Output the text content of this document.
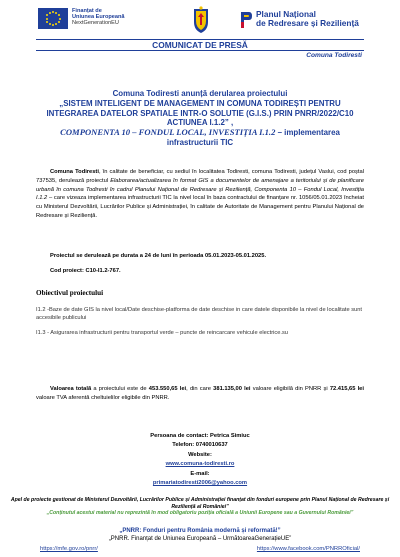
Finanțat de
Uniunea Europeană
NextGenerationEU
Planul Național
de Redresare și Reziliență
COMUNICAT DE PRESĂ
Comuna Todiresti
Comuna Todiresti anunță derularea proiectului
„SISTEM INTELIGENT DE MANAGEMENT IN COMUNA TODIREȘTI PENTRU INTEGRAREA DATELOR SPATIALE INTR-O SOLUTIE (G.I.S.) PRIN PNRR/2022/C10 ACTIUNEA I.1.2” ,
COMPONENTA 10 – FONDUL LOCAL, INVESTIȚIA I.1.2 – implementarea infrastructurii TIC
Comuna Todiresti, în calitate de beneficiar, cu sediul în localitatea Todiresti, comuna Todiresti, județul Vaslui, cod poștal 737535, derulează proiectul Elaborarea/actualizarea în format GIS a documentelor de amenajare a teritoriului și de planificare urbană în comuna Todiresti în cadrul Planului Național de Redresare și Reziliență, Componenta 10 – Fondul Local, Investiția I.1.2 – care vizeaza implementarea infrastructurii TIC la nivel local în baza contractului de finanțare nr. 1056/05.01.2023 încheiat cu Ministerul Dezvoltării, Lucrărilor Publice și Administrației, în calitate de Autoritate de Management pentru Planului Național de Redresare și Reziliență.
Proiectul se derulează pe durata a 24 de luni în perioada 05.01.2023-05.01.2025.
Cod proiect: C10-I1.2-767.
Obiectivul proiectului
I1.2 -Baze de date GIS la nivel local/Date deschise-platforma de date deschise in care datele disponibile la nivel de localitate sunt accesibile publicului
I1.3 - Asigurarea infrastructurii pentru transportul verde – puncte de reincarcare vehicule electrice.su
Valoarea totală a proiectului este de 453.550,65 lei, din care 381.135,00 lei valoare eligibilă din PNRR și 72.415,65 lei valoare TVA aferentă cheltuielilor eligibile din PNRR.
Persoana de contact: Petrica Simiuc
Telefon: 0740010637
Website:
www.comuna-todiresti.ro
E-mail:
primariatodiresti2006@yahoo.com
Apel de proiecte gestionat de Ministerul Dezvoltării, Lucrărilor Publice și Administrației finanțat din fonduri europene prin Planul Național de Redresare și Reziliență al României”
„Conținutul acestui material nu reprezintă în mod obligatoriu poziția oficială a Uniunii Europene sau a Guvernului României”
„PNRR: Fonduri pentru România modernă și reformată!”
„PNRR. Finanțat de Uniunea Europeană – UrmătoareaGenerațieUE”
https://mfe.gov.ro/pnrr/	https://www.facebook.com/PNRROficial/
